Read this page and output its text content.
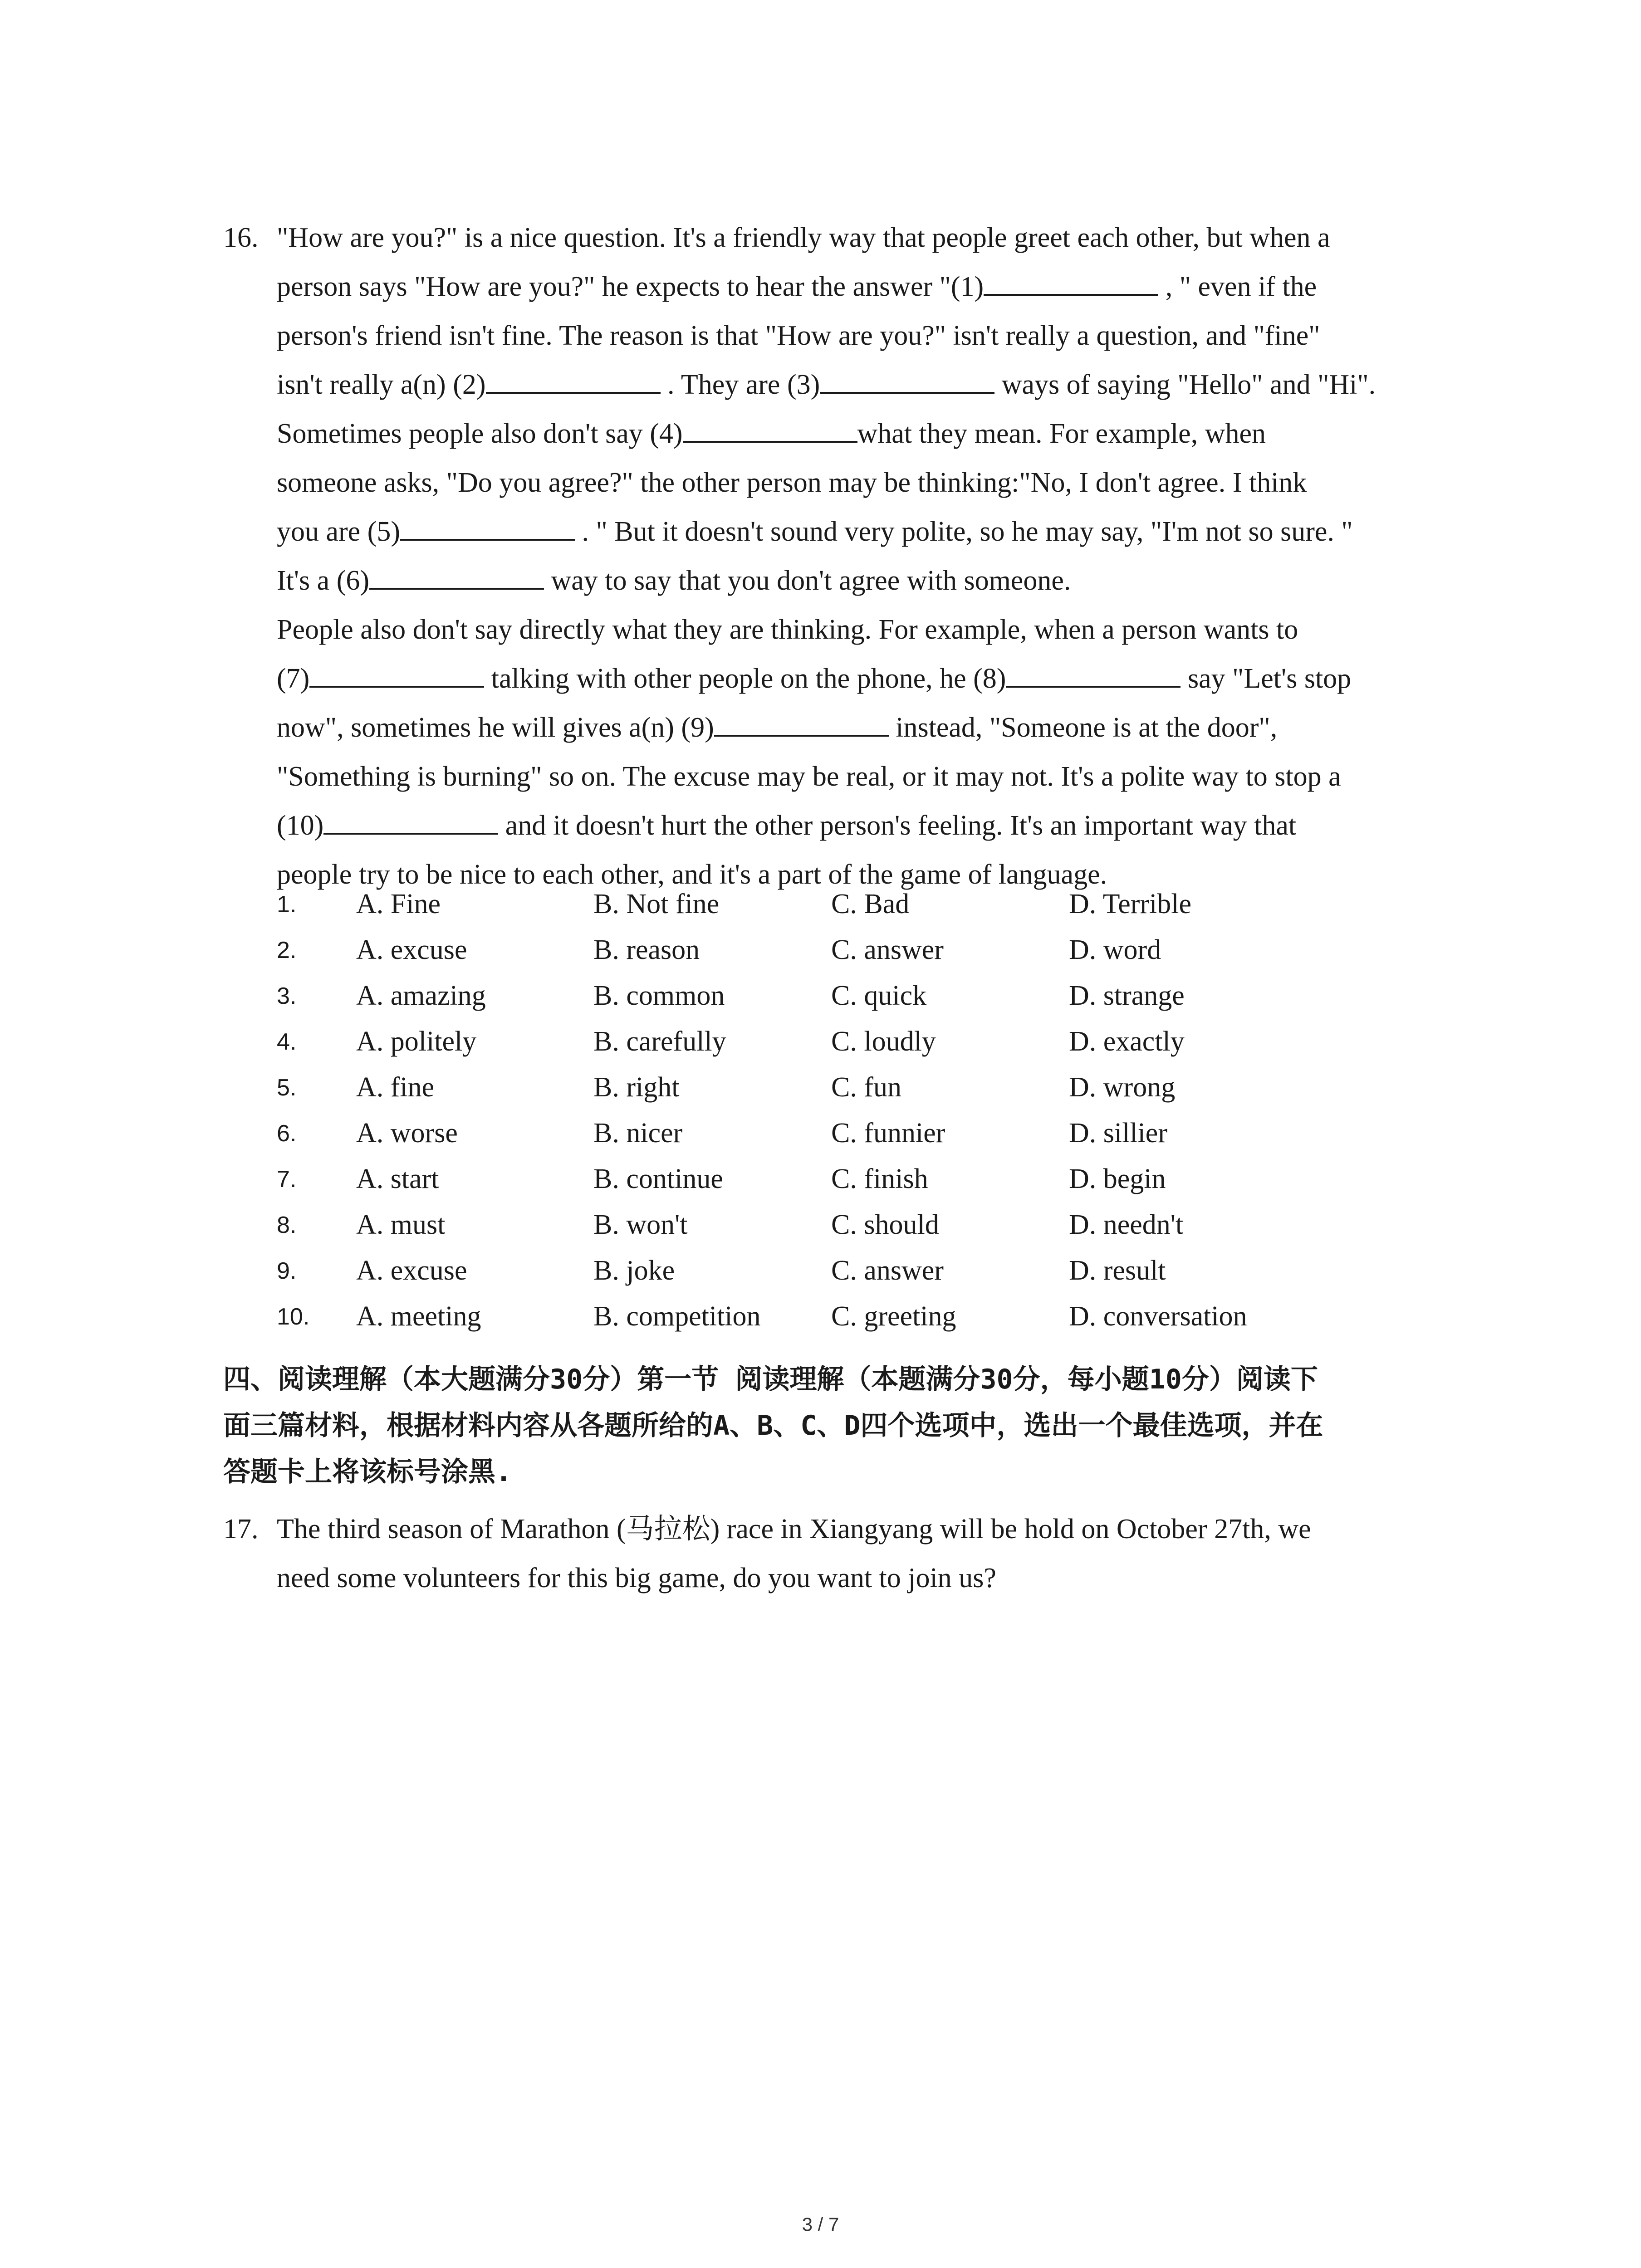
16. "How are you?" is a nice question. It's a friendly way that people greet each other, but when a
person says "How are you?" he expects to hear the answer "(1)	, " even if the
person's friend isn't fine. The reason is that "How are you?" isn't really a question, and "fine"
isn't really a(n) (2)	. They are (3)	ways of saying "Hello" and "Hi".
Sometimes people also don't say (4)	what they mean. For example, when
someone asks, "Do you agree?" the other person may be thinking:"No, I don't agree. I think
you are (5)	. " But it doesn't sound very polite, so he may say, "I'm not so sure. "
It's a (6)	way to say that you don't agree with someone.
People also don't say directly what they are thinking. For example, when a person wants to
(7)	talking with other people on the phone, he (8)	say "Let's stop
now", sometimes he will gives a(n) (9)	instead, "Someone is at the door",
"Something is burning" so on. The excuse may be real, or it may not. It's a polite way to stop a
(10)	and it doesn't hurt the other person's feeling. It's an important way that
people try to be nice to each other, and it's a part of the game of language.
1. A. Fine	B. Not fine	C. Bad	D. Terrible
2. A. excuse	B. reason	C. answer	D. word
3. A. amazing	B. common	C. quick	D. strange
4. A. politely	B. carefully	C. loudly	D. exactly
5. A. fine	B. right	C. fun	D. wrong
6. A. worse	B. nicer	C. funnier	D. sillier
7. A. start	B. continue	C. finish	D. begin
8. A. must	B. won't	C. should	D. needn't
9. A. excuse	B. joke	C. answer	D. result
10. A. meeting	B. competition	C. greeting	D. conversation
四、阅读理解（本大题满分30分）第一节 阅读理解（本题满分30分，每小题10分）阅读下
面三篇材料，根据材料内容从各题所给的A、B、C、D四个选项中，选出一个最佳选项，并在
答题卡上将该标号涂黑.
17. The third season of Marathon (马拉松) race in Xiangyang will be hold on October 27th, we
need some volunteers for this big game, do you want to join us?
3 / 7
